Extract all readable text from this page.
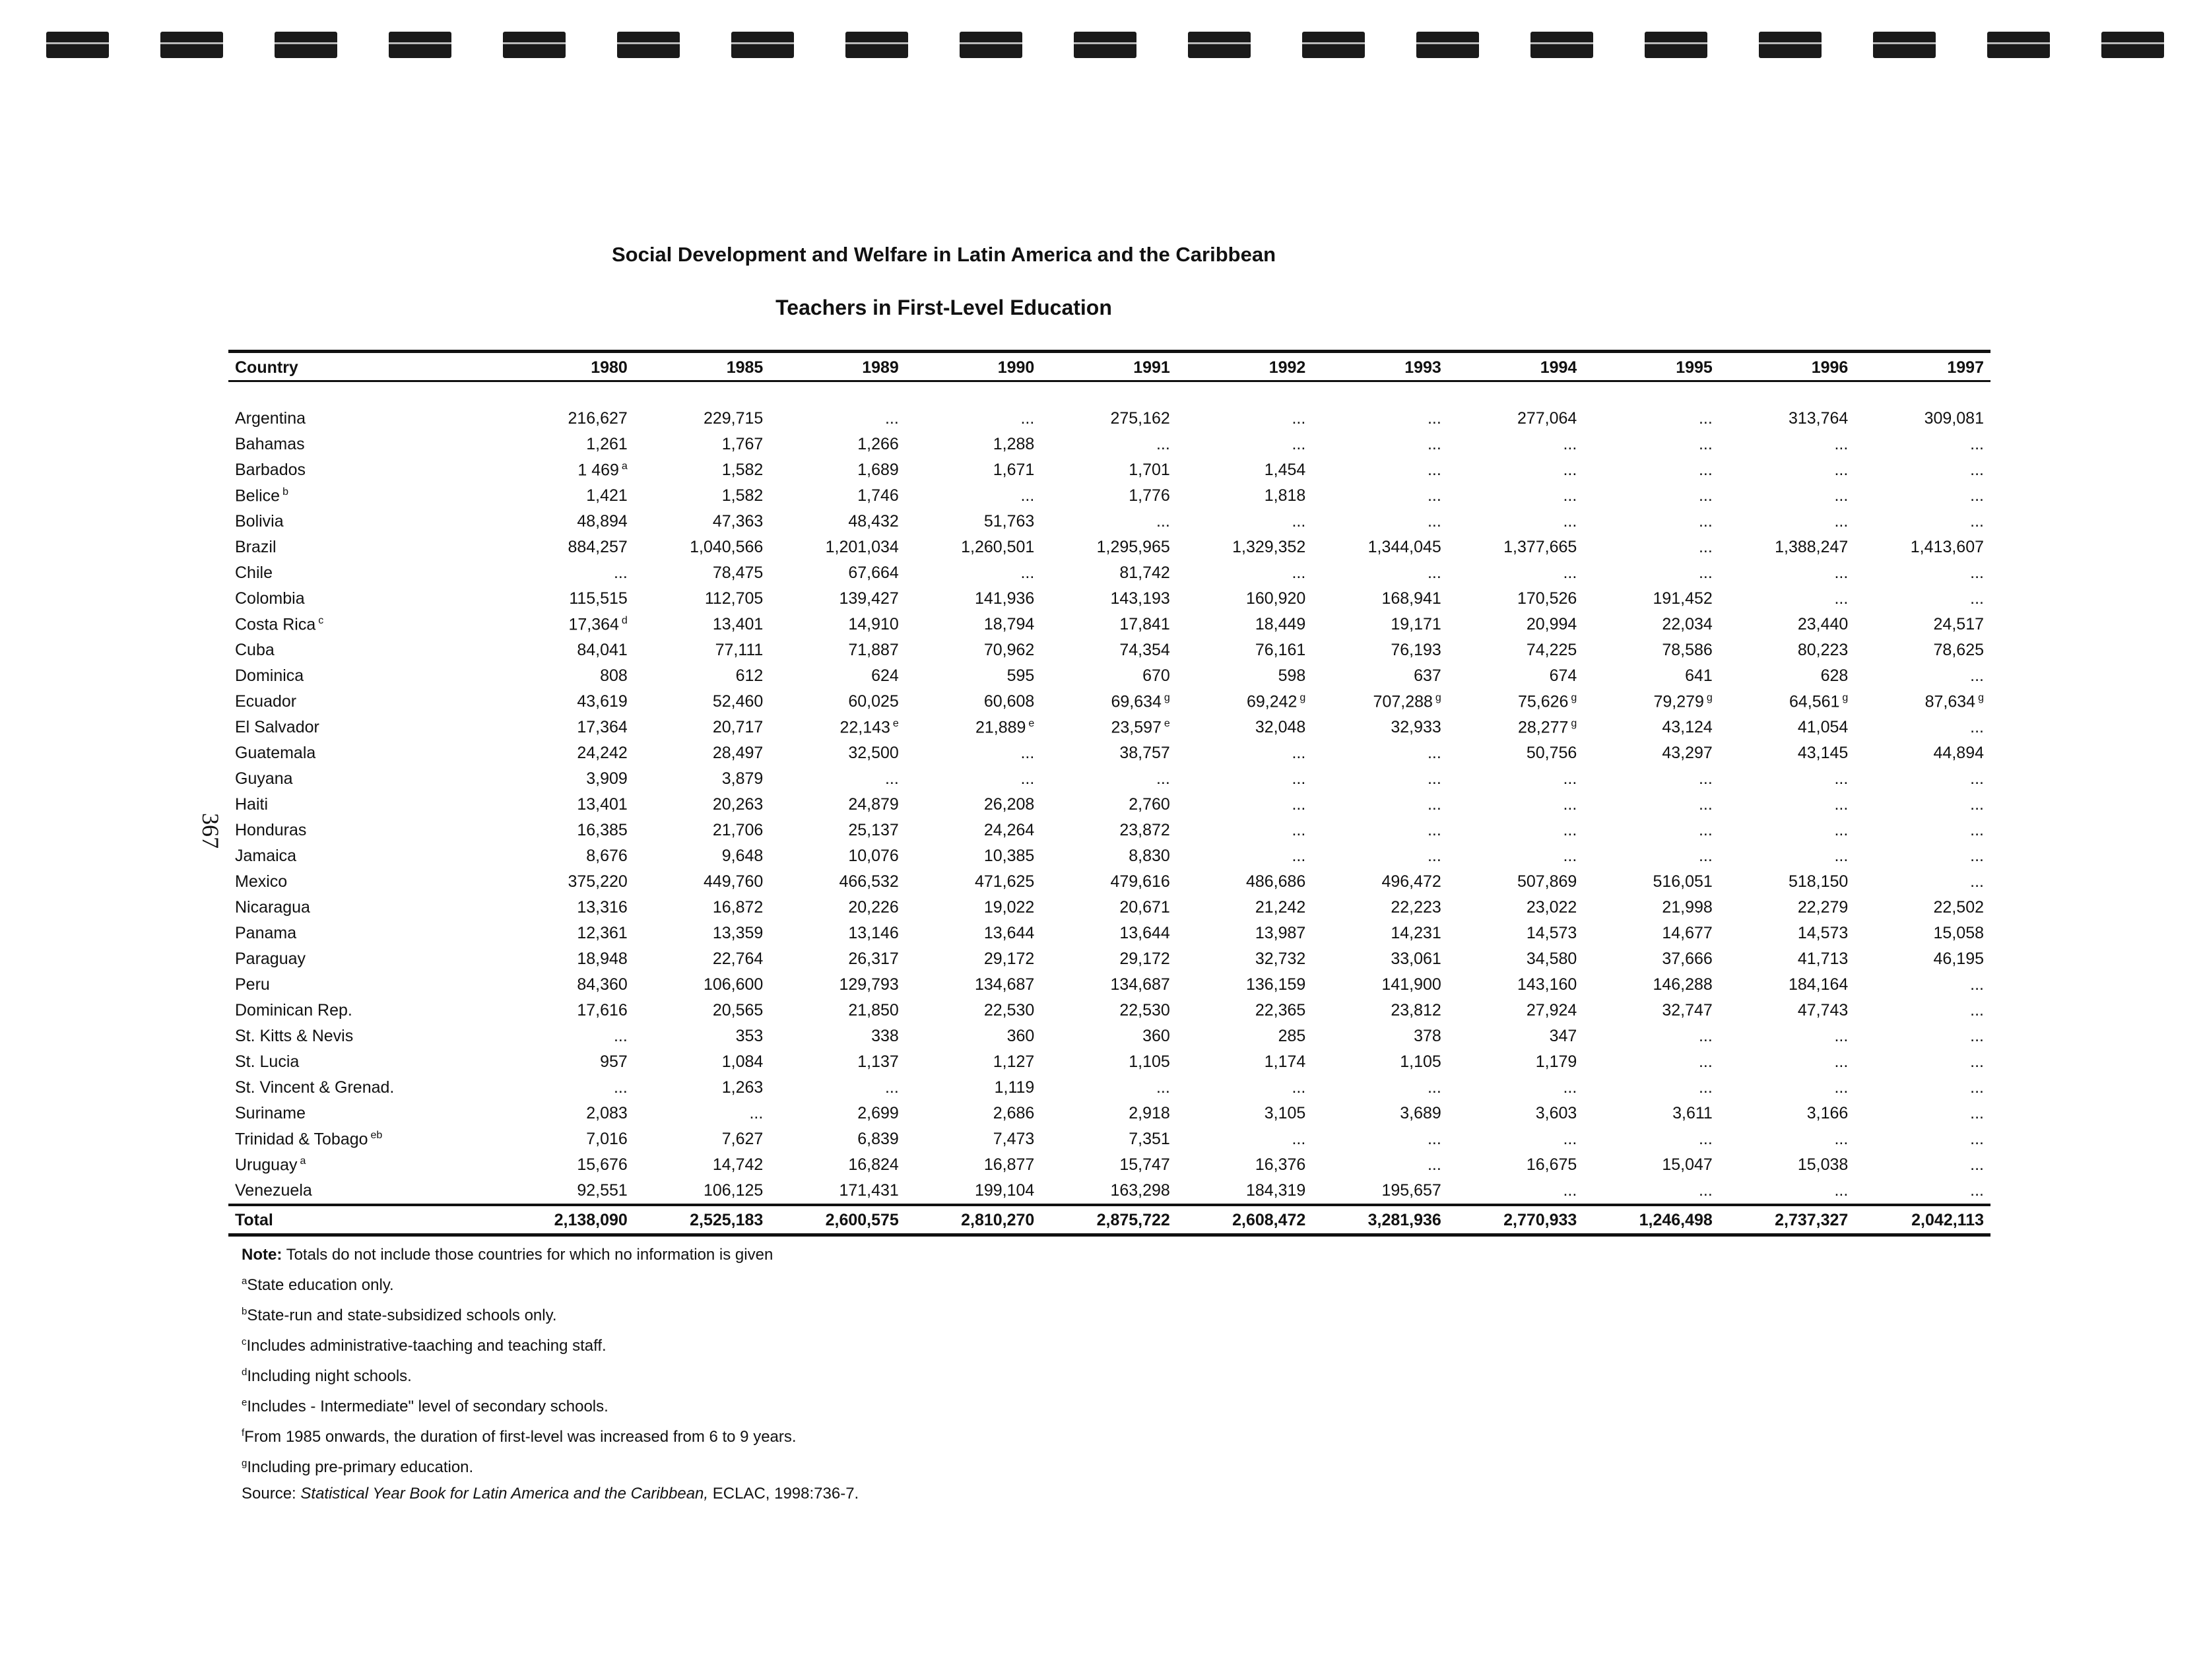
Social Development and Welfare in Latin America and the Caribbean
Teachers in First-Level Education
367
Country	1980	1985	1989	1990	1991	1992	1993	1994	1995	1996	1997

Argentina	216,627	229,715	...	...	275,162	...	...	277,064	...	313,764	309,081
Bahamas	1,261	1,767	1,266	1,288	...	...	...	...	...	...	...
Barbados	1 469 $^a$	1,582	1,689	1,671	1,701	1,454	...	...	...	...	...
Belice $^b$	1,421	1,582	1,746	...	1,776	1,818	...	...	...	...	...
Bolivia	48,894	47,363	48,432	51,763	...	...	...	...	...	...	...
Brazil	884,257	1,040,566	1,201,034	1,260,501	1,295,965	1,329,352	1,344,045	1,377,665	...	1,388,247	1,413,607
Chile	...	78,475	67,664	...	81,742	...	...	...	...	...	...
Colombia	115,515	112,705	139,427	141,936	143,193	160,920	168,941	170,526	191,452	...	...
Costa Rica $^c$	17,364 $^d$	13,401	14,910	18,794	17,841	18,449	19,171	20,994	22,034	23,440	24,517
Cuba	84,041	77,111	71,887	70,962	74,354	76,161	76,193	74,225	78,586	80,223	78,625
Dominica	808	612	624	595	670	598	637	674	641	628	...
Ecuador	43,619	52,460	60,025	60,608	69,634 $^g$	69,242 $^g$	707,288 $^g$	75,626 $^g$	79,279 $^g$	64,561 $^g$	87,634 $^g$
El Salvador	17,364	20,717	22,143 $^e$	21,889 $^e$	23,597 $^e$	32,048	32,933	28,277 $^g$	43,124	41,054	...
Guatemala	24,242	28,497	32,500	...	38,757	...	...	50,756	43,297	43,145	44,894
Guyana	3,909	3,879	...	...	...	...	...	...	...	...	...
Haiti	13,401	20,263	24,879	26,208	2,760	...	...	...	...	...	...
Honduras	16,385	21,706	25,137	24,264	23,872	...	...	...	...	...	...
Jamaica	8,676	9,648	10,076	10,385	8,830	...	...	...	...	...	...
Mexico	375,220	449,760	466,532	471,625	479,616	486,686	496,472	507,869	516,051	518,150	...
Nicaragua	13,316	16,872	20,226	19,022	20,671	21,242	22,223	23,022	21,998	22,279	22,502
Panama	12,361	13,359	13,146	13,644	13,644	13,987	14,231	14,573	14,677	14,573	15,058
Paraguay	18,948	22,764	26,317	29,172	29,172	32,732	33,061	34,580	37,666	41,713	46,195
Peru	84,360	106,600	129,793	134,687	134,687	136,159	141,900	143,160	146,288	184,164	...
Dominican Rep.	17,616	20,565	21,850	22,530	22,530	22,365	23,812	27,924	32,747	47,743	...
St. Kitts & Nevis	...	353	338	360	360	285	378	347	...	...	...
St. Lucia	957	1,084	1,137	1,127	1,105	1,174	1,105	1,179	...	...	...
St. Vincent & Grenad.	...	1,263	...	1,119	...	...	...	...	...	...	...
Suriname	2,083	...	2,699	2,686	2,918	3,105	3,689	3,603	3,611	3,166	...
Trinidad & Tobago $^{eb}$	7,016	7,627	6,839	7,473	7,351	...	...	...	...	...	...
Uruguay $^a$	15,676	14,742	16,824	16,877	15,747	16,376	...	16,675	15,047	15,038	...
Venezuela	92,551	106,125	171,431	199,104	163,298	184,319	195,657	...	...	...	...
Total	2,138,090	2,525,183	2,600,575	2,810,270	2,875,722	2,608,472	3,281,936	2,770,933	1,246,498	2,737,327	2,042,113
Note: Totals do not include those countries for which no information is given
$^a$State education only.
$^b$State-run and state-subsidized schools only.
$^c$Includes administrative-taaching and teaching staff.
$^d$Including night schools.
$^e$Includes - Intermediate" level of secondary schools.
$^f$From 1985 onwards, the duration of first-level was increased from 6 to 9 years.
$^g$Including pre-primary education.
Source: Statistical Year Book for Latin America and the Caribbean, ECLAC, 1998:736-7.
